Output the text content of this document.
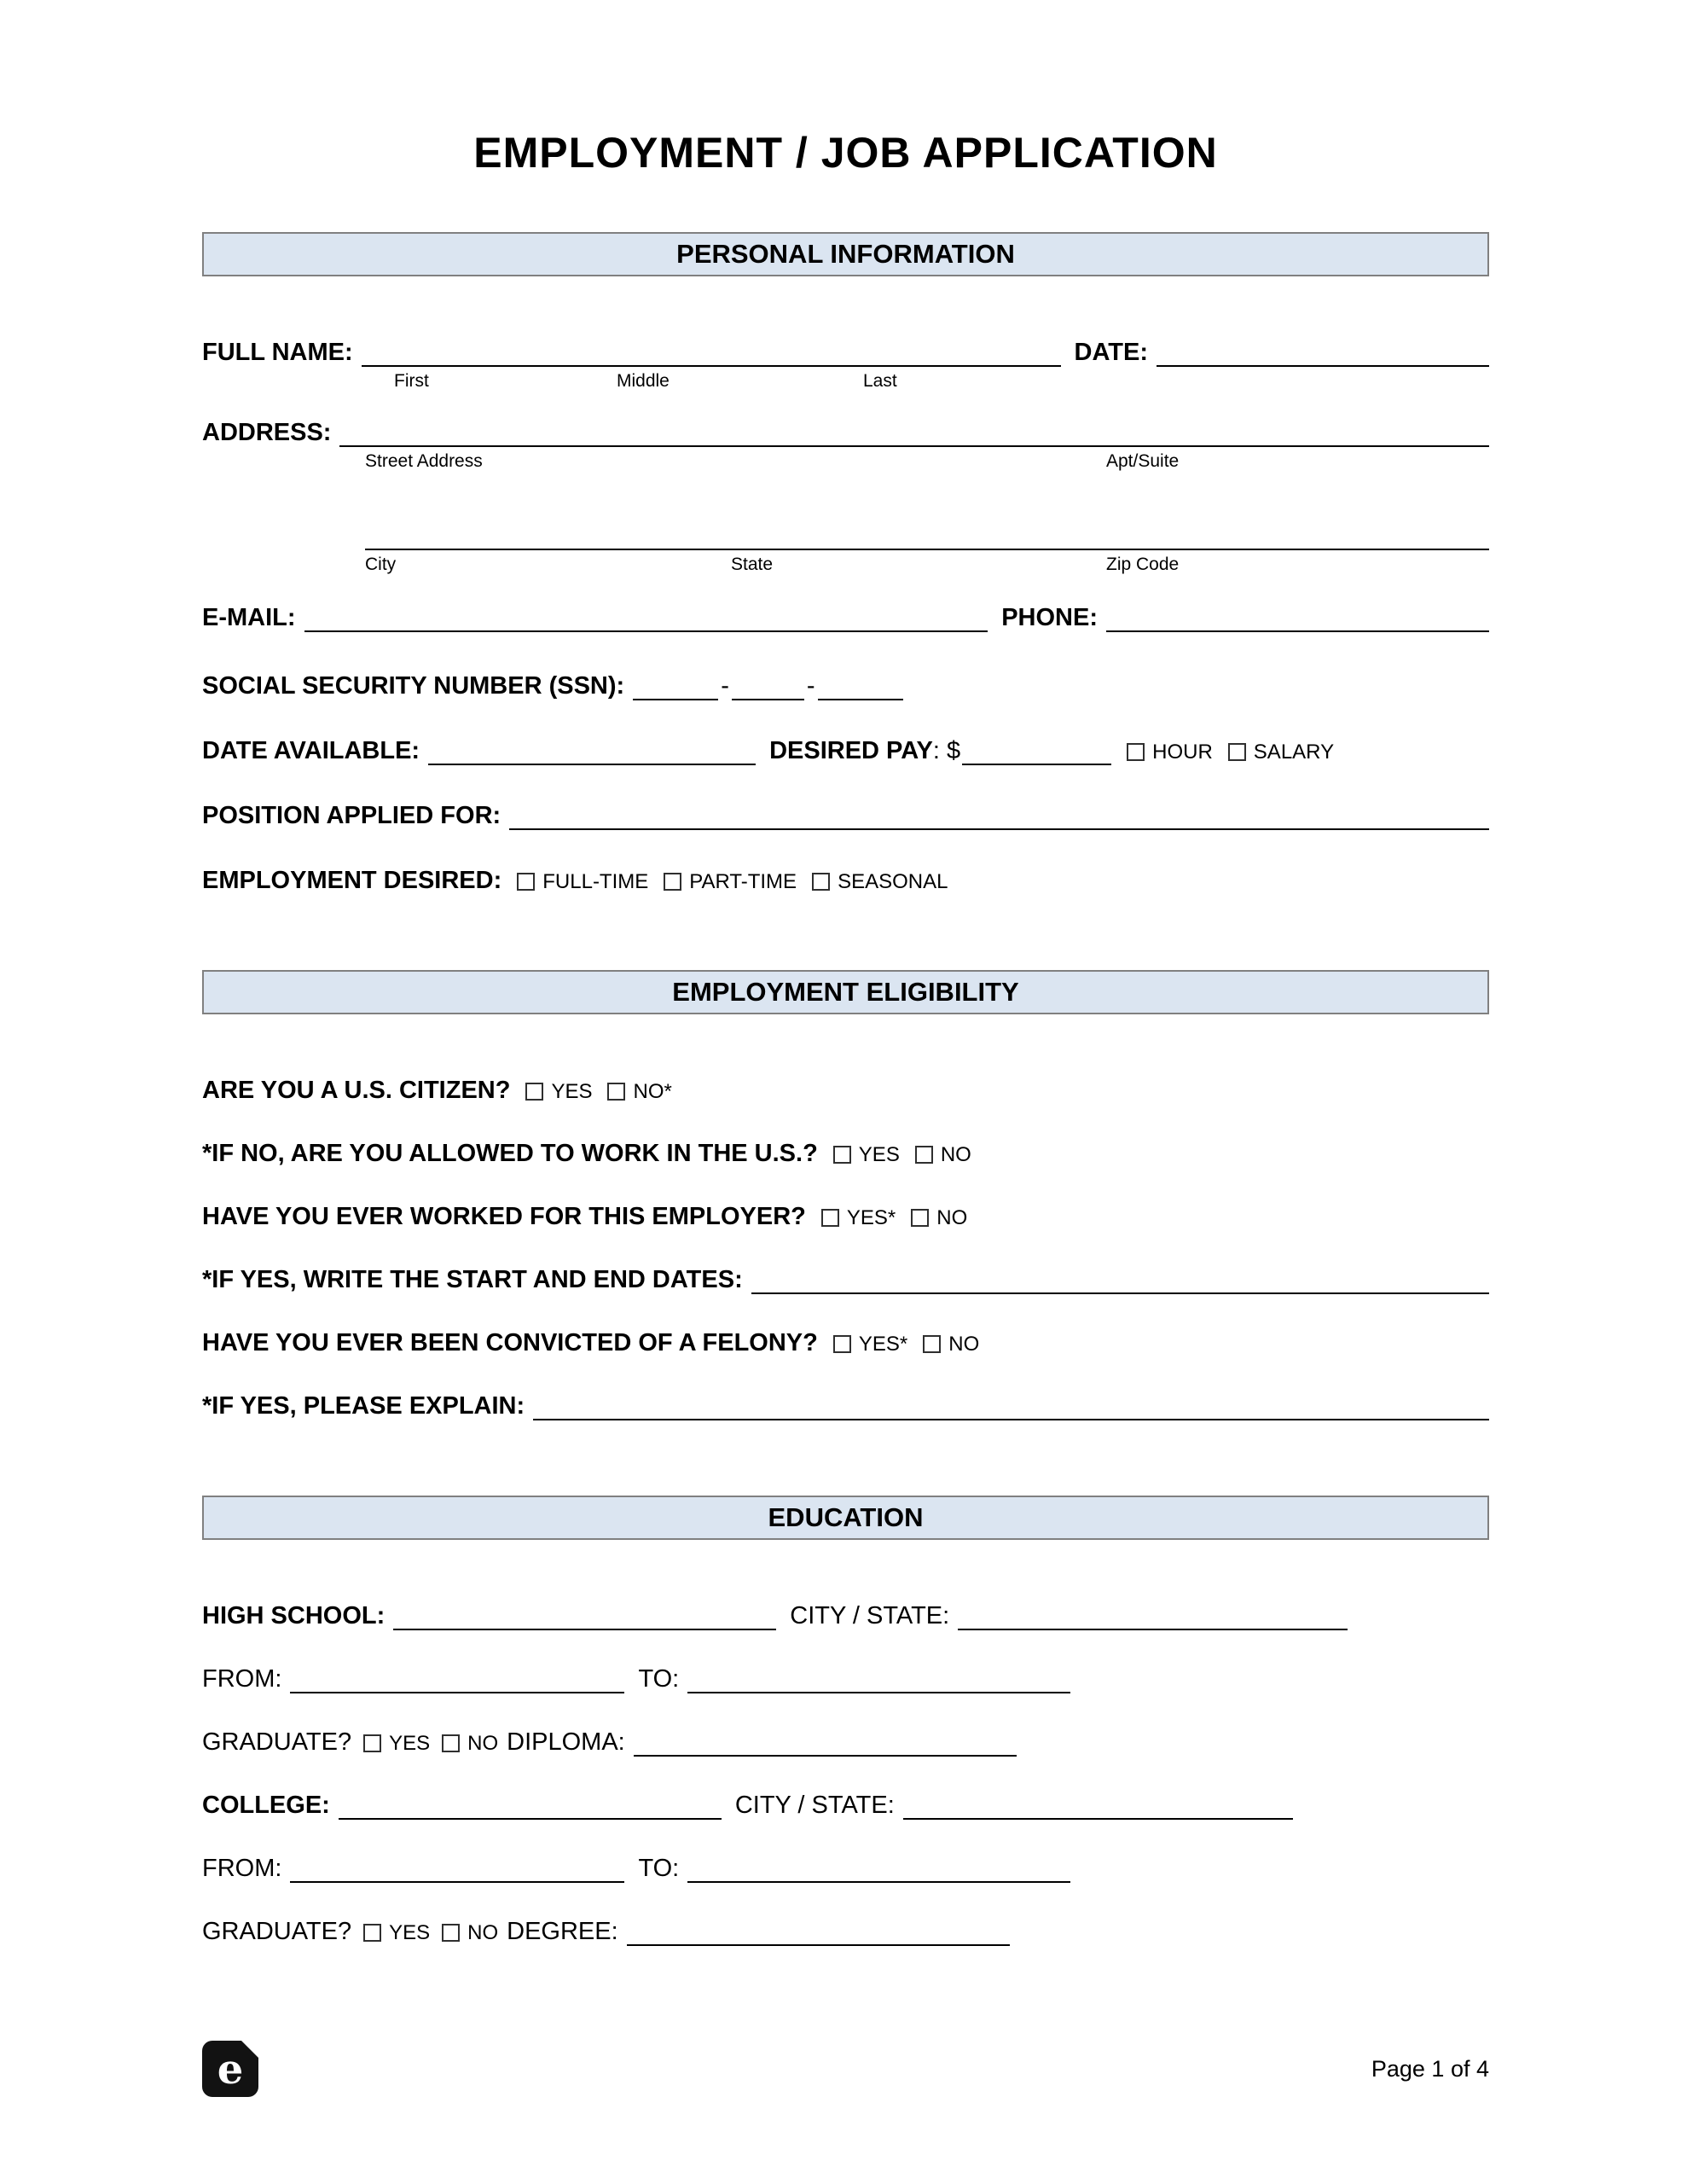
EMPLOYMENT / JOB APPLICATION
PERSONAL INFORMATION
FULL NAME:	DATE:
First	Middle	Last
ADDRESS:
Street Address	Apt/Suite
City	State	Zip Code
E-MAIL:	PHONE:
SOCIAL SECURITY NUMBER (SSN):	-	-
DATE AVAILABLE:	DESIRED PAY : $	HOUR SALARY
POSITION APPLIED FOR:
EMPLOYMENT DESIRED: FULL-TIME PART-TIME SEASONAL
EMPLOYMENT ELIGIBILITY
ARE YOU A U.S. CITIZEN? YES NO*
*IF NO, ARE YOU ALLOWED TO WORK IN THE U.S.? YES NO
HAVE YOU EVER WORKED FOR THIS EMPLOYER? YES* NO
*IF YES, WRITE THE START AND END DATES:
HAVE YOU EVER BEEN CONVICTED OF A FELONY? YES* NO
*IF YES, PLEASE EXPLAIN:
EDUCATION
HIGH SCHOOL:	CITY / STATE:
FROM:	TO:
GRADUATE? YES NO DIPLOMA:
COLLEGE:	CITY / STATE:
FROM:	TO:
GRADUATE? YES NO DEGREE:
e	Page 1 of 4
